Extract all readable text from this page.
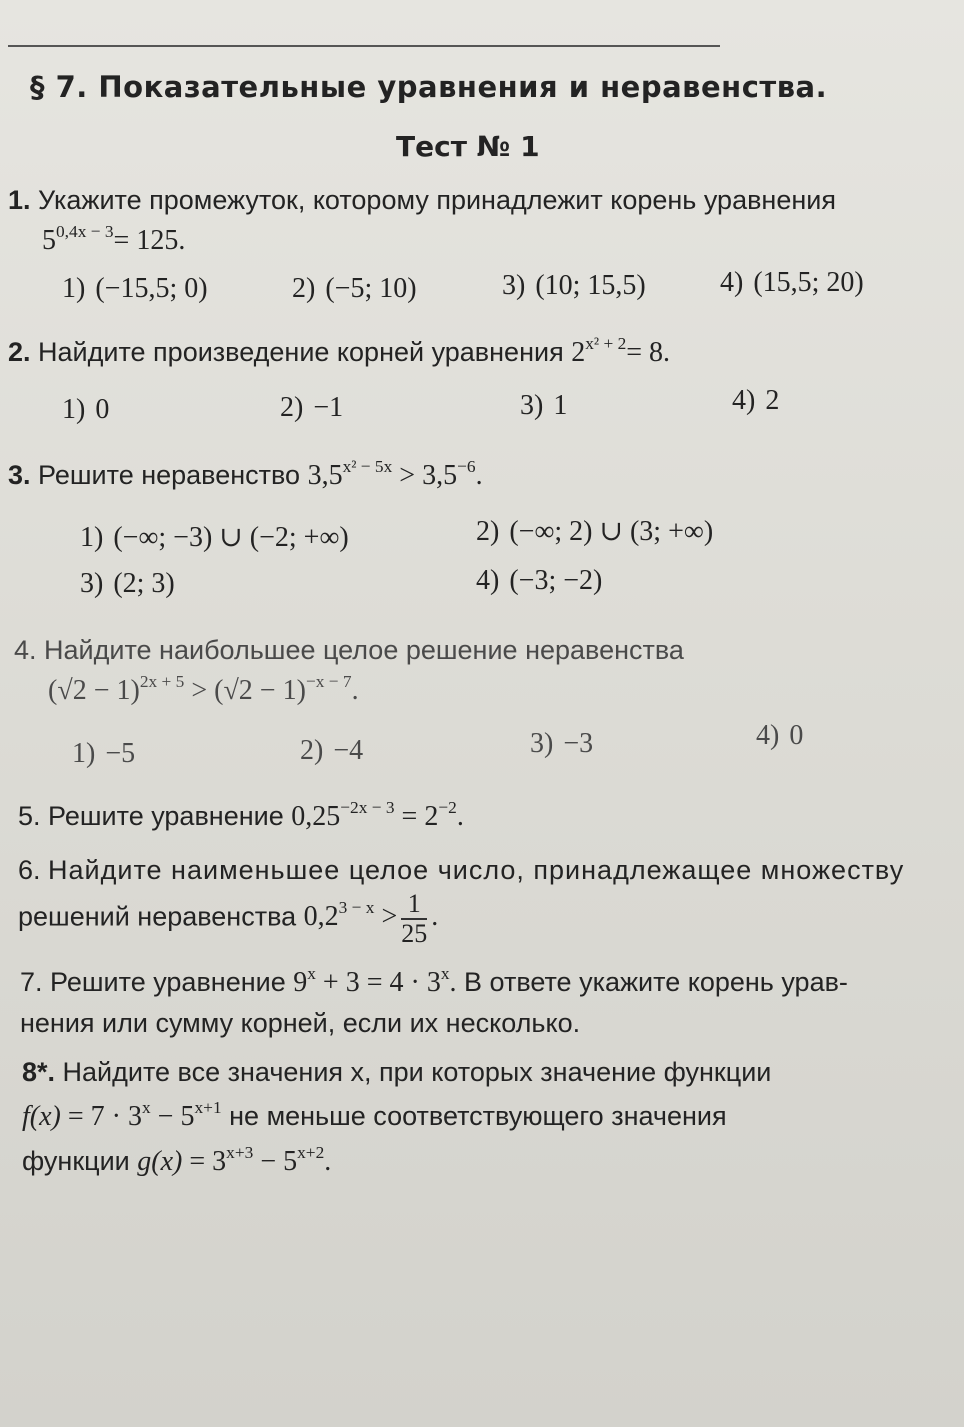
§ 7. Показательные уравнения и неравенства.
Тест № 1
1. Укажите промежуток, которому принадлежит корень уравнения
$5^{0,4x - 3}= 125$.
1) (−15,5; 0)	2) (−5; 10)	3) (10; 15,5)	4) (15,5; 20)
2. Найдите произведение корней уравнения $2^{x^2 + 2}= 8$.
1) 0	2) −1	3) 1	4) 2
3. Решите неравенство $3,5^{x^2 - 5x} > 3,5^{-6}$.
1) (−∞; −3) ∪ (−2; +∞)	2) (−∞; 2) ∪ (3; +∞)
3) (2; 3)	4) (−3; −2)
4. Найдите наибольшее целое решение неравенства
$(√2 - 1)^{2x + 5} > (√2 - 1)^{-x - 7}$.
1) −5	2) −4	3) −3	4) 0
5. Решите уравнение $0,25^{-2x - 3} = 2^{-2}$.
6. Найдите наименьшее целое число, принадлежащее множеству
решений неравенства $0,2^{3 - x} > \frac{1}{25}$ .
7. Решите уравнение $9^x + 3 = 4 \cdot 3^x$. В ответе укажите корень урав-
нения или сумму корней, если их несколько.
8*. Найдите все значения x, при которых значение функции
$f(x) = 7 \cdot 3^x - 5^{x+1}$ не меньше соответствующего значения
функции $g(x) = 3^{x+3} - 5^{x+2}$.
